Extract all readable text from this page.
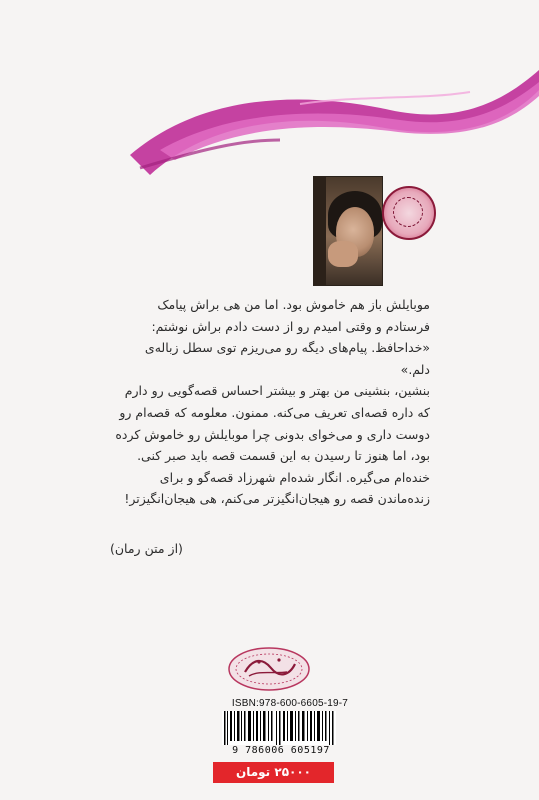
موبایلش باز هم خاموش بود. اما من هی براش پیامک فرستادم و وقتی امیدم رو از دست دادم براش نوشتم:

«خداحافظ. پیام‌های دیگه رو می‌ریزم توی سطل زباله‌ی دلم.»

بنشین، بنشینی من بهتر و بیشتر احساس قصه‌گویی رو دارم که داره قصه‌ای تعریف می‌کنه. ممنون. معلومه که قصه‌ام رو دوست داری و می‌خوای بدونی چرا موبایلش رو خاموش کرده بود، اما هنوز تا رسیدن به این قسمت قصه باید صبر کنی. خنده‌ام می‌گیره. انگار شده‌ام شهرزاد قصه‌گو و برای زنده‌ماندن قصه رو هیجان‌انگیزتر می‌کنم، هی هیجان‌انگیزتر!

(از متن رمان)
ISBN:978-600-6605-19-7
9 786006 605197
۲۵۰۰۰ تومان
